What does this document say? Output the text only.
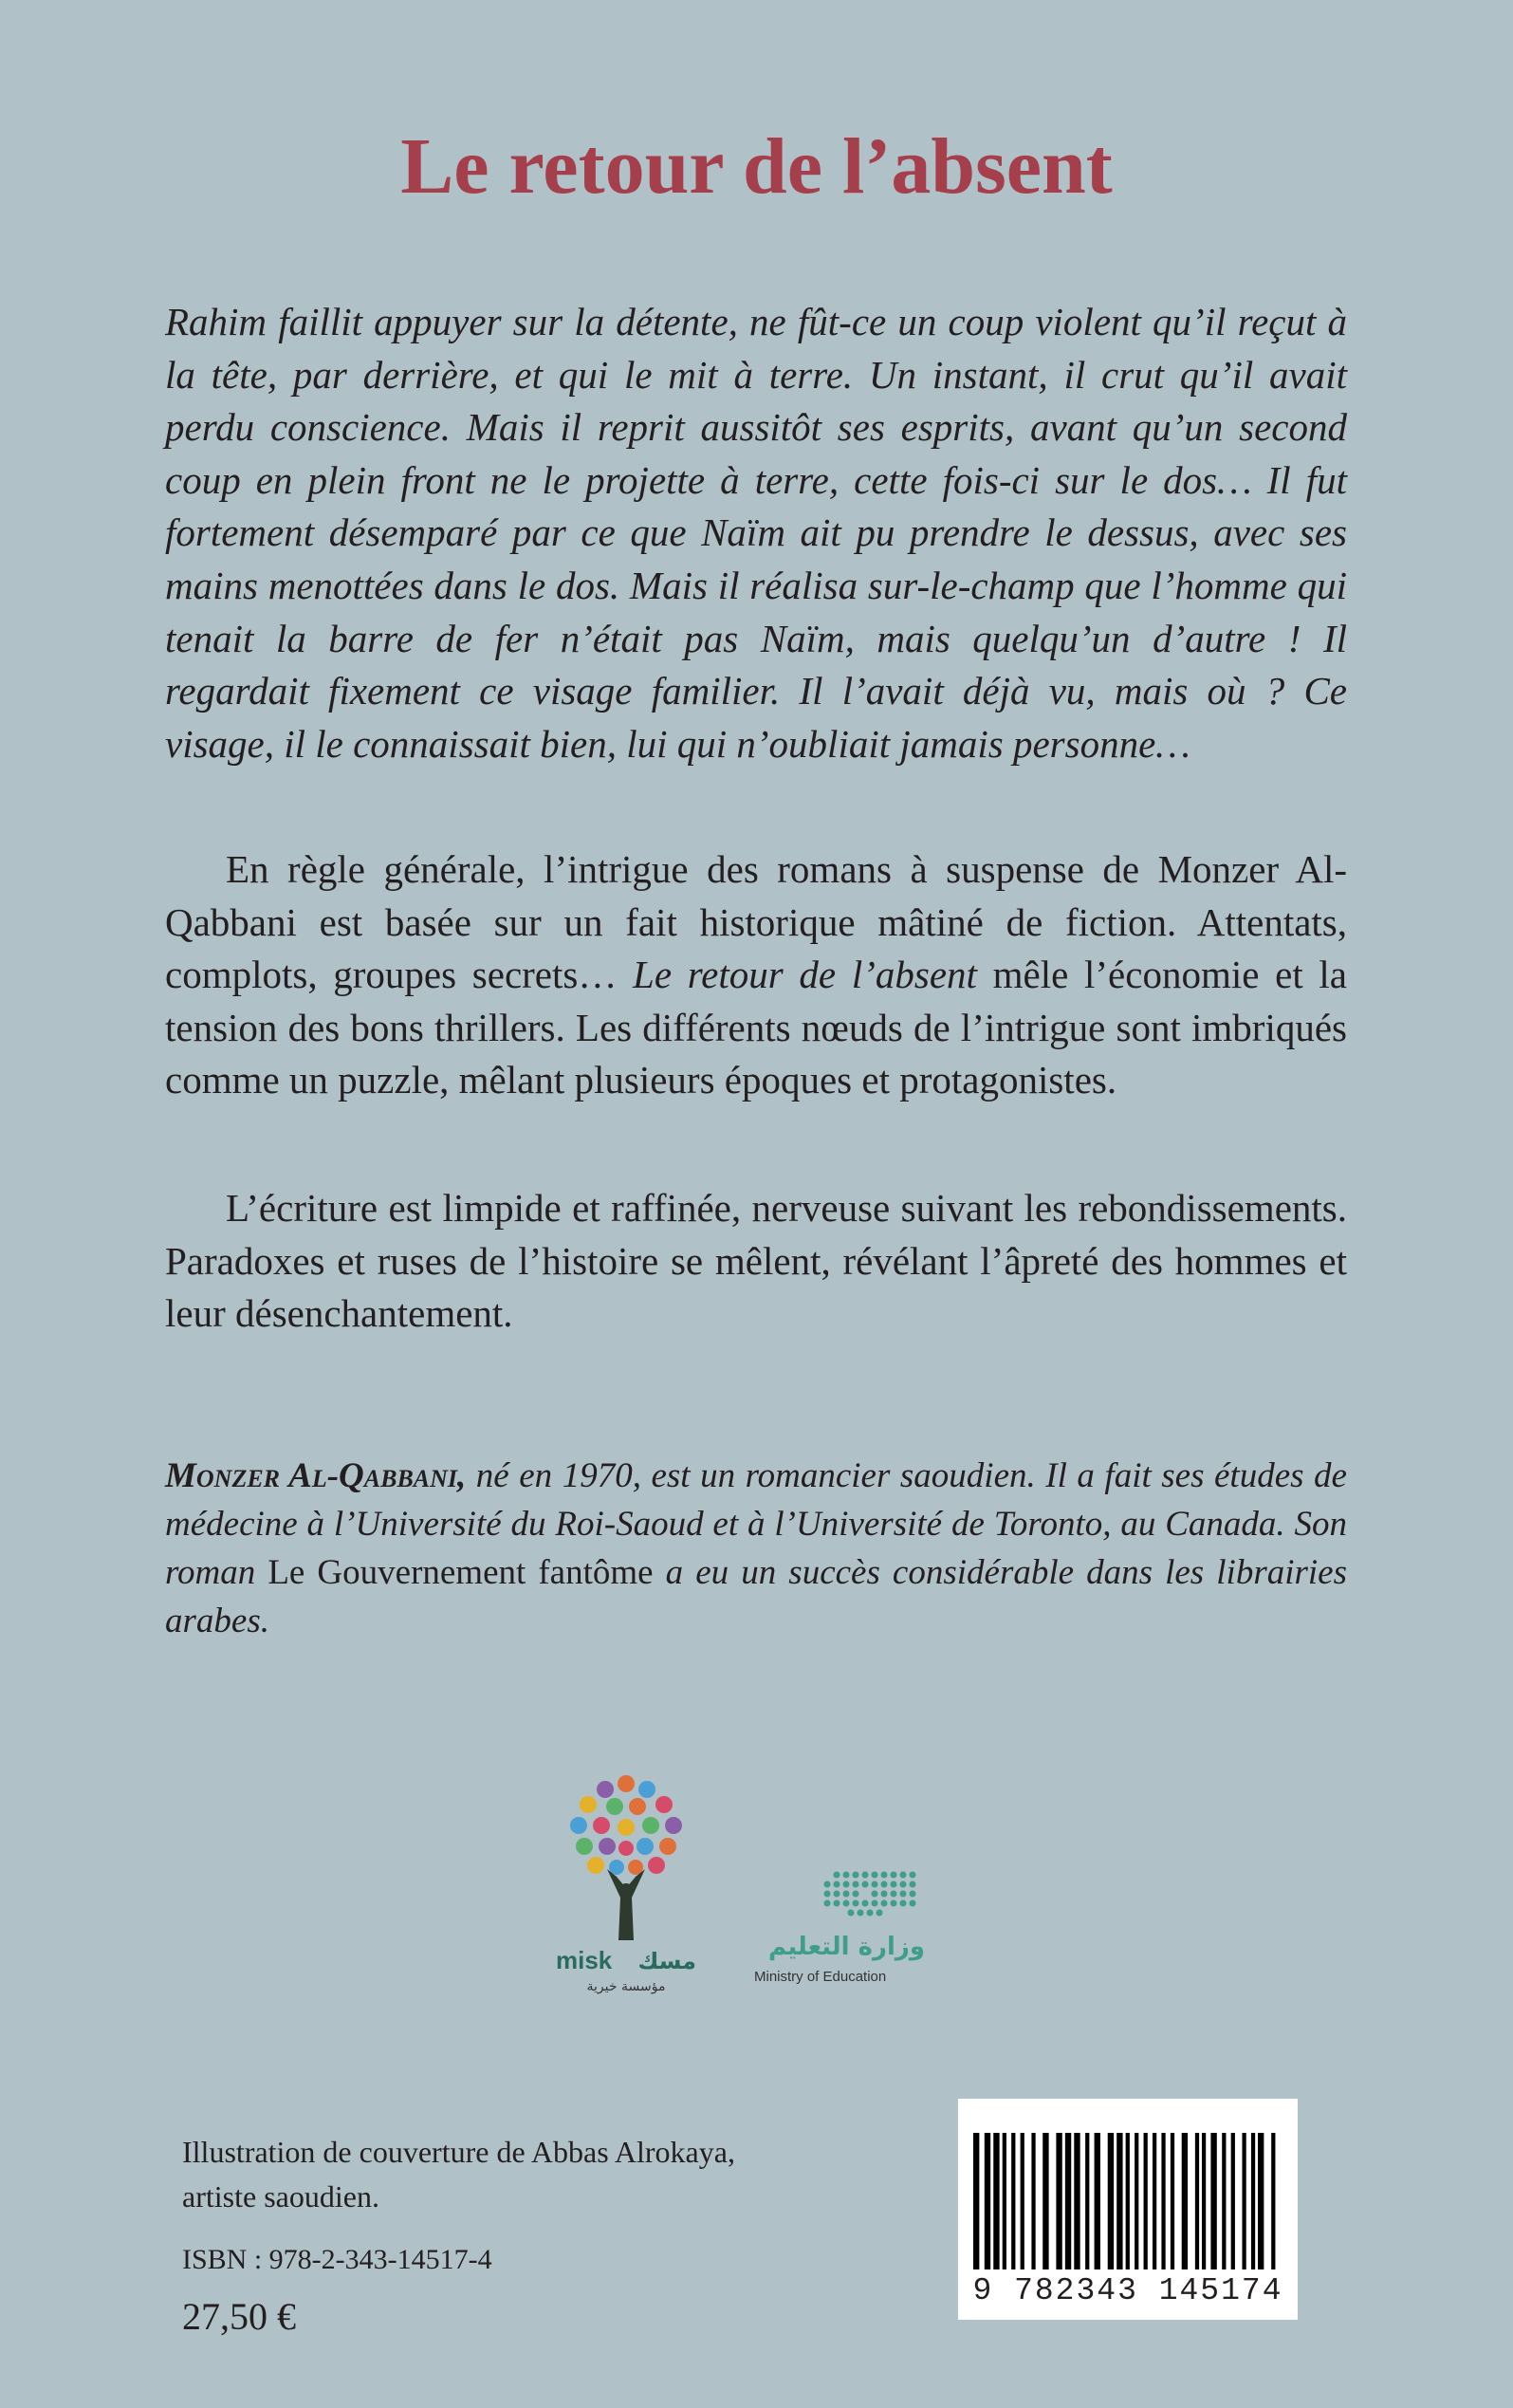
Le retour de l’absent

Rahim faillit appuyer sur la détente, ne fût-ce un coup violent qu’il reçut à la tête, par derrière, et qui le mit à terre. Un instant, il crut qu’il avait perdu conscience. Mais il reprit aussitôt ses esprits, avant qu’un second coup en plein front ne le projette à terre, cette fois-ci sur le dos… Il fut fortement désemparé par ce que Naïm ait pu prendre le dessus, avec ses mains menottées dans le dos. Mais il réalisa sur-le-champ que l’homme qui tenait la barre de fer n’était pas Naïm, mais quelqu’un d’autre ! Il regardait fixement ce visage familier. Il l’avait déjà vu, mais où ? Ce visage, il le connaissait bien, lui qui n’oubliait jamais personne…

En règle générale, l’intrigue des romans à suspense de Monzer Al-Qabbani est basée sur un fait historique mâtiné de fiction. Attentats, complots, groupes secrets… Le retour de l’absent mêle l’économie et la tension des bons thrillers. Les différents nœuds de l’intrigue sont imbriqués comme un puzzle, mêlant plusieurs époques et protagonistes.

L’écriture est limpide et raffinée, nerveuse suivant les rebondissements. Paradoxes et ruses de l’histoire se mêlent, révélant l’âpreté des hommes et leur désenchantement.

Monzer Al-Qabbani, né en 1970, est un romancier saoudien. Il a fait ses études de médecine à l’Université du Roi-Saoud et à l’Université de Toronto, au Canada. Son roman Le Gouvernement fantôme a eu un succès considérable dans les librairies arabes.

misk مسك
مؤسسة خيرية
وزارة التعليم
Ministry of Education

Illustration de couverture de Abbas Alrokaya, artiste saoudien.

ISBN : 978-2-343-14517-4

27,50 €

9 782343 145174
